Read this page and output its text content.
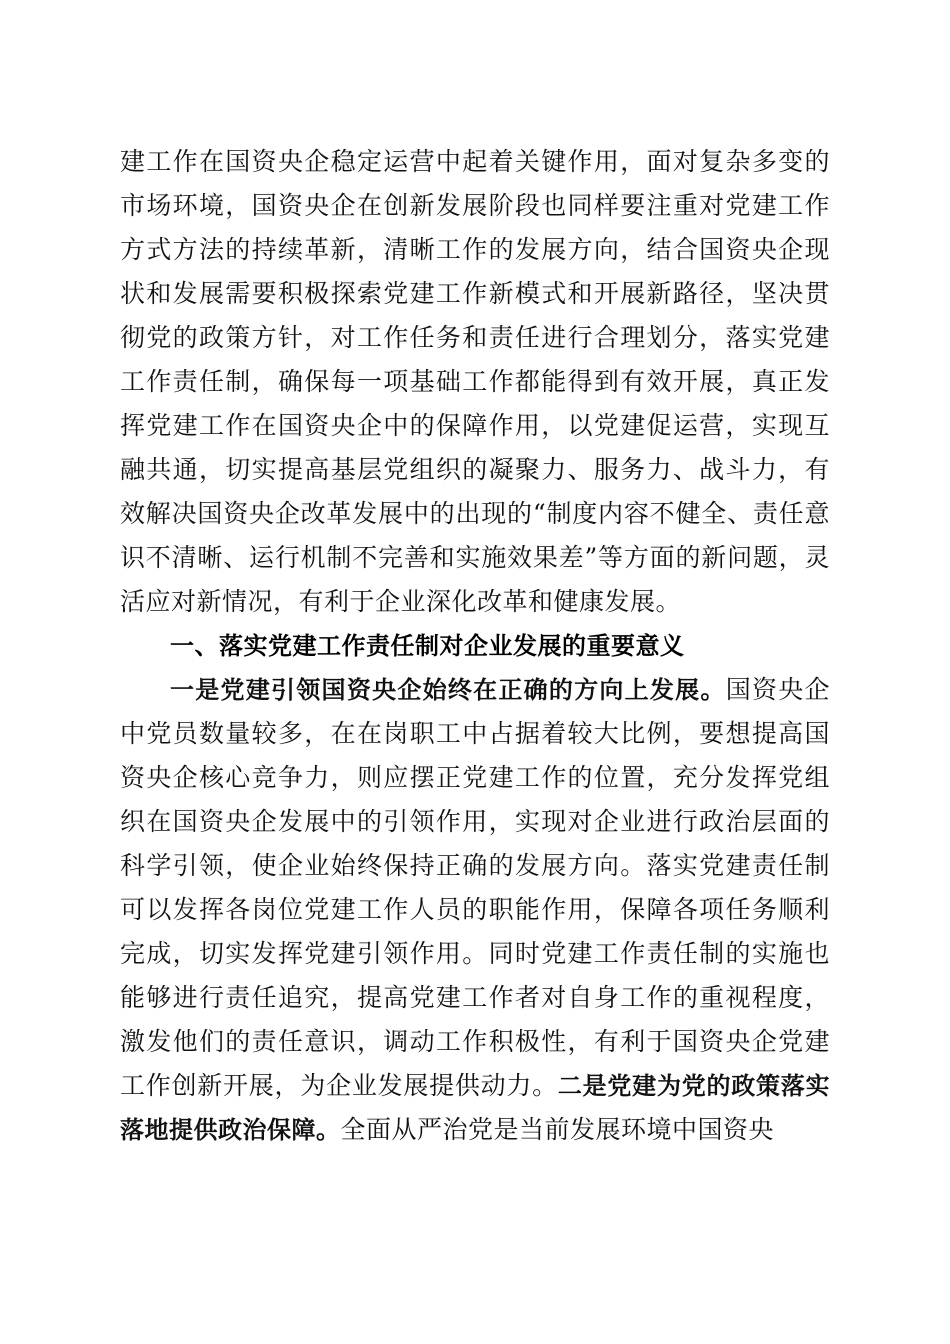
建工作在国资央企稳定运营中起着关键作用，面对复杂多变的市场环境，国资央企在创新发展阶段也同样要注重对党建工作方式方法的持续革新，清晰工作的发展方向，结合国资央企现状和发展需要积极探索党建工作新模式和开展新路径，坚决贯彻党的政策方针，对工作任务和责任进行合理划分，落实党建工作责任制，确保每一项基础工作都能得到有效开展，真正发挥党建工作在国资央企中的保障作用，以党建促运营，实现互融共通，切实提高基层党组织的凝聚力、服务力、战斗力，有效解决国资央企改革发展中的出现的“制度内容不健全、责任意识不清晰、运行机制不完善和实施效果差”等方面的新问题，灵活应对新情况，有利于企业深化改革和健康发展。

一、落实党建工作责任制对企业发展的重要意义

一是党建引领国资央企始终在正确的方向上发展。国资央企中党员数量较多，在在岗职工中占据着较大比例，要想提高国资央企核心竞争力，则应摆正党建工作的位置，充分发挥党组织在国资央企发展中的引领作用，实现对企业进行政治层面的科学引领，使企业始终保持正确的发展方向。落实党建责任制可以发挥各岗位党建工作人员的职能作用，保障各项任务顺利完成，切实发挥党建引领作用。同时党建工作责任制的实施也能够进行责任追究，提高党建工作者对自身工作的重视程度，激发他们的责任意识，调动工作积极性，有利于国资央企党建工作创新开展，为企业发展提供动力。二是党建为党的政策落实落地提供政治保障。全面从严治党是当前发展环境中国资央
